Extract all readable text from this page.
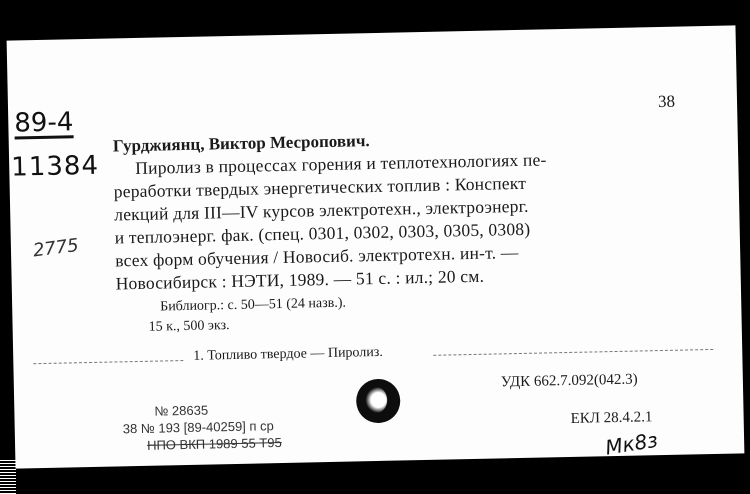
89-4
11384
2775
38
Гурджиянц, Виктор Месропович.
Пиролиз в процессах горения и теплотехнологиях пе-
реработки твердых энергетических топлив : Конспект
лекций для III—IV курсов электротехн., электроэнерг.
и теплоэнерг. фак. (спец. 0301, 0302, 0303, 0305, 0308)
всех форм обучения / Новосиб. электротехн. ин-т. —
Новосибирск : НЭТИ, 1989. — 51 с. : ил.; 20 см.
Библиогр.: с. 50—51 (24 назв.).
15 к., 500 экз.
1. Топливо твердое — Пиролиз.
УДК 662.7.092(042.3)
ЕКЛ 28.4.2.1
№ 28635
38 № 193 [89-40259] п ср
НПО ВКП 1989 55 Т95	Мк8з
